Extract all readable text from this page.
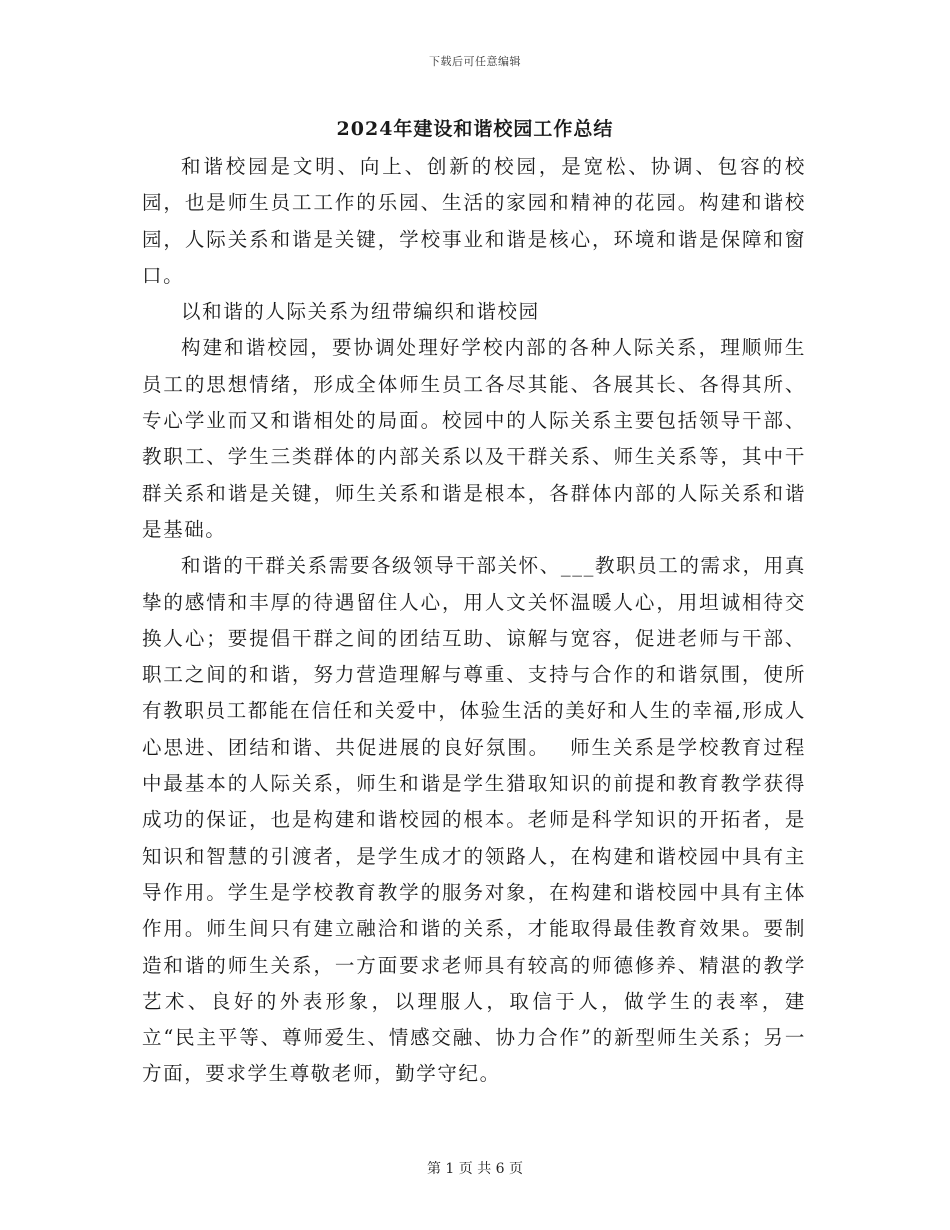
下载后可任意编辑
2024年建设和谐校园工作总结

和谐校园是文明、向上、创新的校园，是宽松、协调、包容的校园，也是师生员工工作的乐园、生活的家园和精神的花园。构建和谐校园，人际关系和谐是关键，学校事业和谐是核心，环境和谐是保障和窗口。

以和谐的人际关系为纽带编织和谐校园

构建和谐校园，要协调处理好学校内部的各种人际关系，理顺师生员工的思想情绪，形成全体师生员工各尽其能、各展其长、各得其所、专心学业而又和谐相处的局面。校园中的人际关系主要包括领导干部、教职工、学生三类群体的内部关系以及干群关系、师生关系等，其中干群关系和谐是关键，师生关系和谐是根本，各群体内部的人际关系和谐是基础。

和谐的干群关系需要各级领导干部关怀、___教职员工的需求，用真挚的感情和丰厚的待遇留住人心，用人文关怀温暖人心，用坦诚相待交换人心；要提倡干群之间的团结互助、谅解与宽容，促进老师与干部、职工之间的和谐，努力营造理解与尊重、支持与合作的和谐氛围，使所有教职员工都能在信任和关爱中，体验生活的美好和人生的幸福,形成人心思进、团结和谐、共促进展的良好氛围。　 师生关系是学校教育过程中最基本的人际关系，师生和谐是学生猎取知识的前提和教育教学获得成功的保证，也是构建和谐校园的根本。老师是科学知识的开拓者，是知识和智慧的引渡者，是学生成才的领路人，在构建和谐校园中具有主导作用。学生是学校教育教学的服务对象，在构建和谐校园中具有主体作用。师生间只有建立融洽和谐的关系，才能取得最佳教育效果。要制造和谐的师生关系，一方面要求老师具有较高的师德修养、精湛的教学艺术、良好的外表形象，以理服人，取信于人，做学生的表率，建立“民主平等、尊师爱生、情感交融、协力合作”的新型师生关系；另一方面，要求学生尊敬老师，勤学守纪。

第 1 页 共 6 页
